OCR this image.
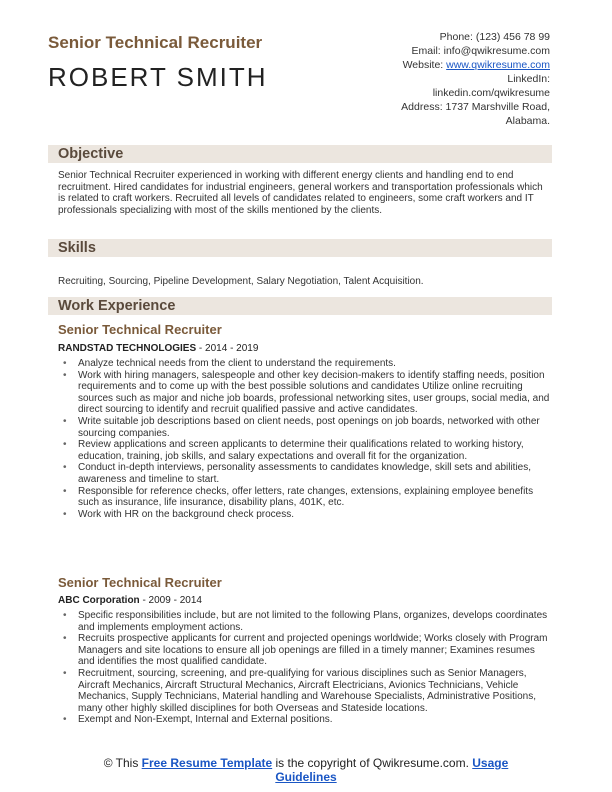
Senior Technical Recruiter
ROBERT SMITH
Phone: (123) 456 78 99
Email: info@qwikresume.com
Website: www.qwikresume.com
LinkedIn:
linkedin.com/qwikresume
Address: 1737 Marshville Road,
Alabama.
Objective
Senior Technical Recruiter experienced in working with different energy clients and handling end to end recruitment. Hired candidates for industrial engineers, general workers and transportation professionals which is related to craft workers. Recruited all levels of candidates related to engineers, some craft workers and IT professionals specializing with most of the skills mentioned by the clients.
Skills
Recruiting, Sourcing, Pipeline Development, Salary Negotiation, Talent Acquisition.
Work Experience
Senior Technical Recruiter
RANDSTAD TECHNOLOGIES - 2014 - 2019
• Analyze technical needs from the client to understand the requirements.
• Work with hiring managers, salespeople and other key decision-makers to identify staffing needs, position requirements and to come up with the best possible solutions and candidates Utilize online recruiting sources such as major and niche job boards, professional networking sites, user groups, social media, and direct sourcing to identify and recruit qualified passive and active candidates.
• Write suitable job descriptions based on client needs, post openings on job boards, networked with other sourcing companies.
• Review applications and screen applicants to determine their qualifications related to working history, education, training, job skills, and salary expectations and overall fit for the organization.
• Conduct in-depth interviews, personality assessments to candidates knowledge, skill sets and abilities, awareness and timeline to start.
• Responsible for reference checks, offer letters, rate changes, extensions, explaining employee benefits such as insurance, life insurance, disability plans, 401K, etc.
• Work with HR on the background check process.
Senior Technical Recruiter
ABC Corporation - 2009 - 2014
• Specific responsibilities include, but are not limited to the following Plans, organizes, develops coordinates and implements employment actions.
• Recruits prospective applicants for current and projected openings worldwide; Works closely with Program Managers and site locations to ensure all job openings are filled in a timely manner; Examines resumes and identifies the most qualified candidate.
• Recruitment, sourcing, screening, and pre-qualifying for various disciplines such as Senior Managers, Aircraft Mechanics, Aircraft Structural Mechanics, Aircraft Electricians, Avionics Technicians, Vehicle Mechanics, Supply Technicians, Material handling and Warehouse Specialists, Administrative Positions, many other highly skilled disciplines for both Overseas and Stateside locations.
• Exempt and Non-Exempt, Internal and External positions.
© This Free Resume Template is the copyright of Qwikresume.com. Usage
Guidelines
